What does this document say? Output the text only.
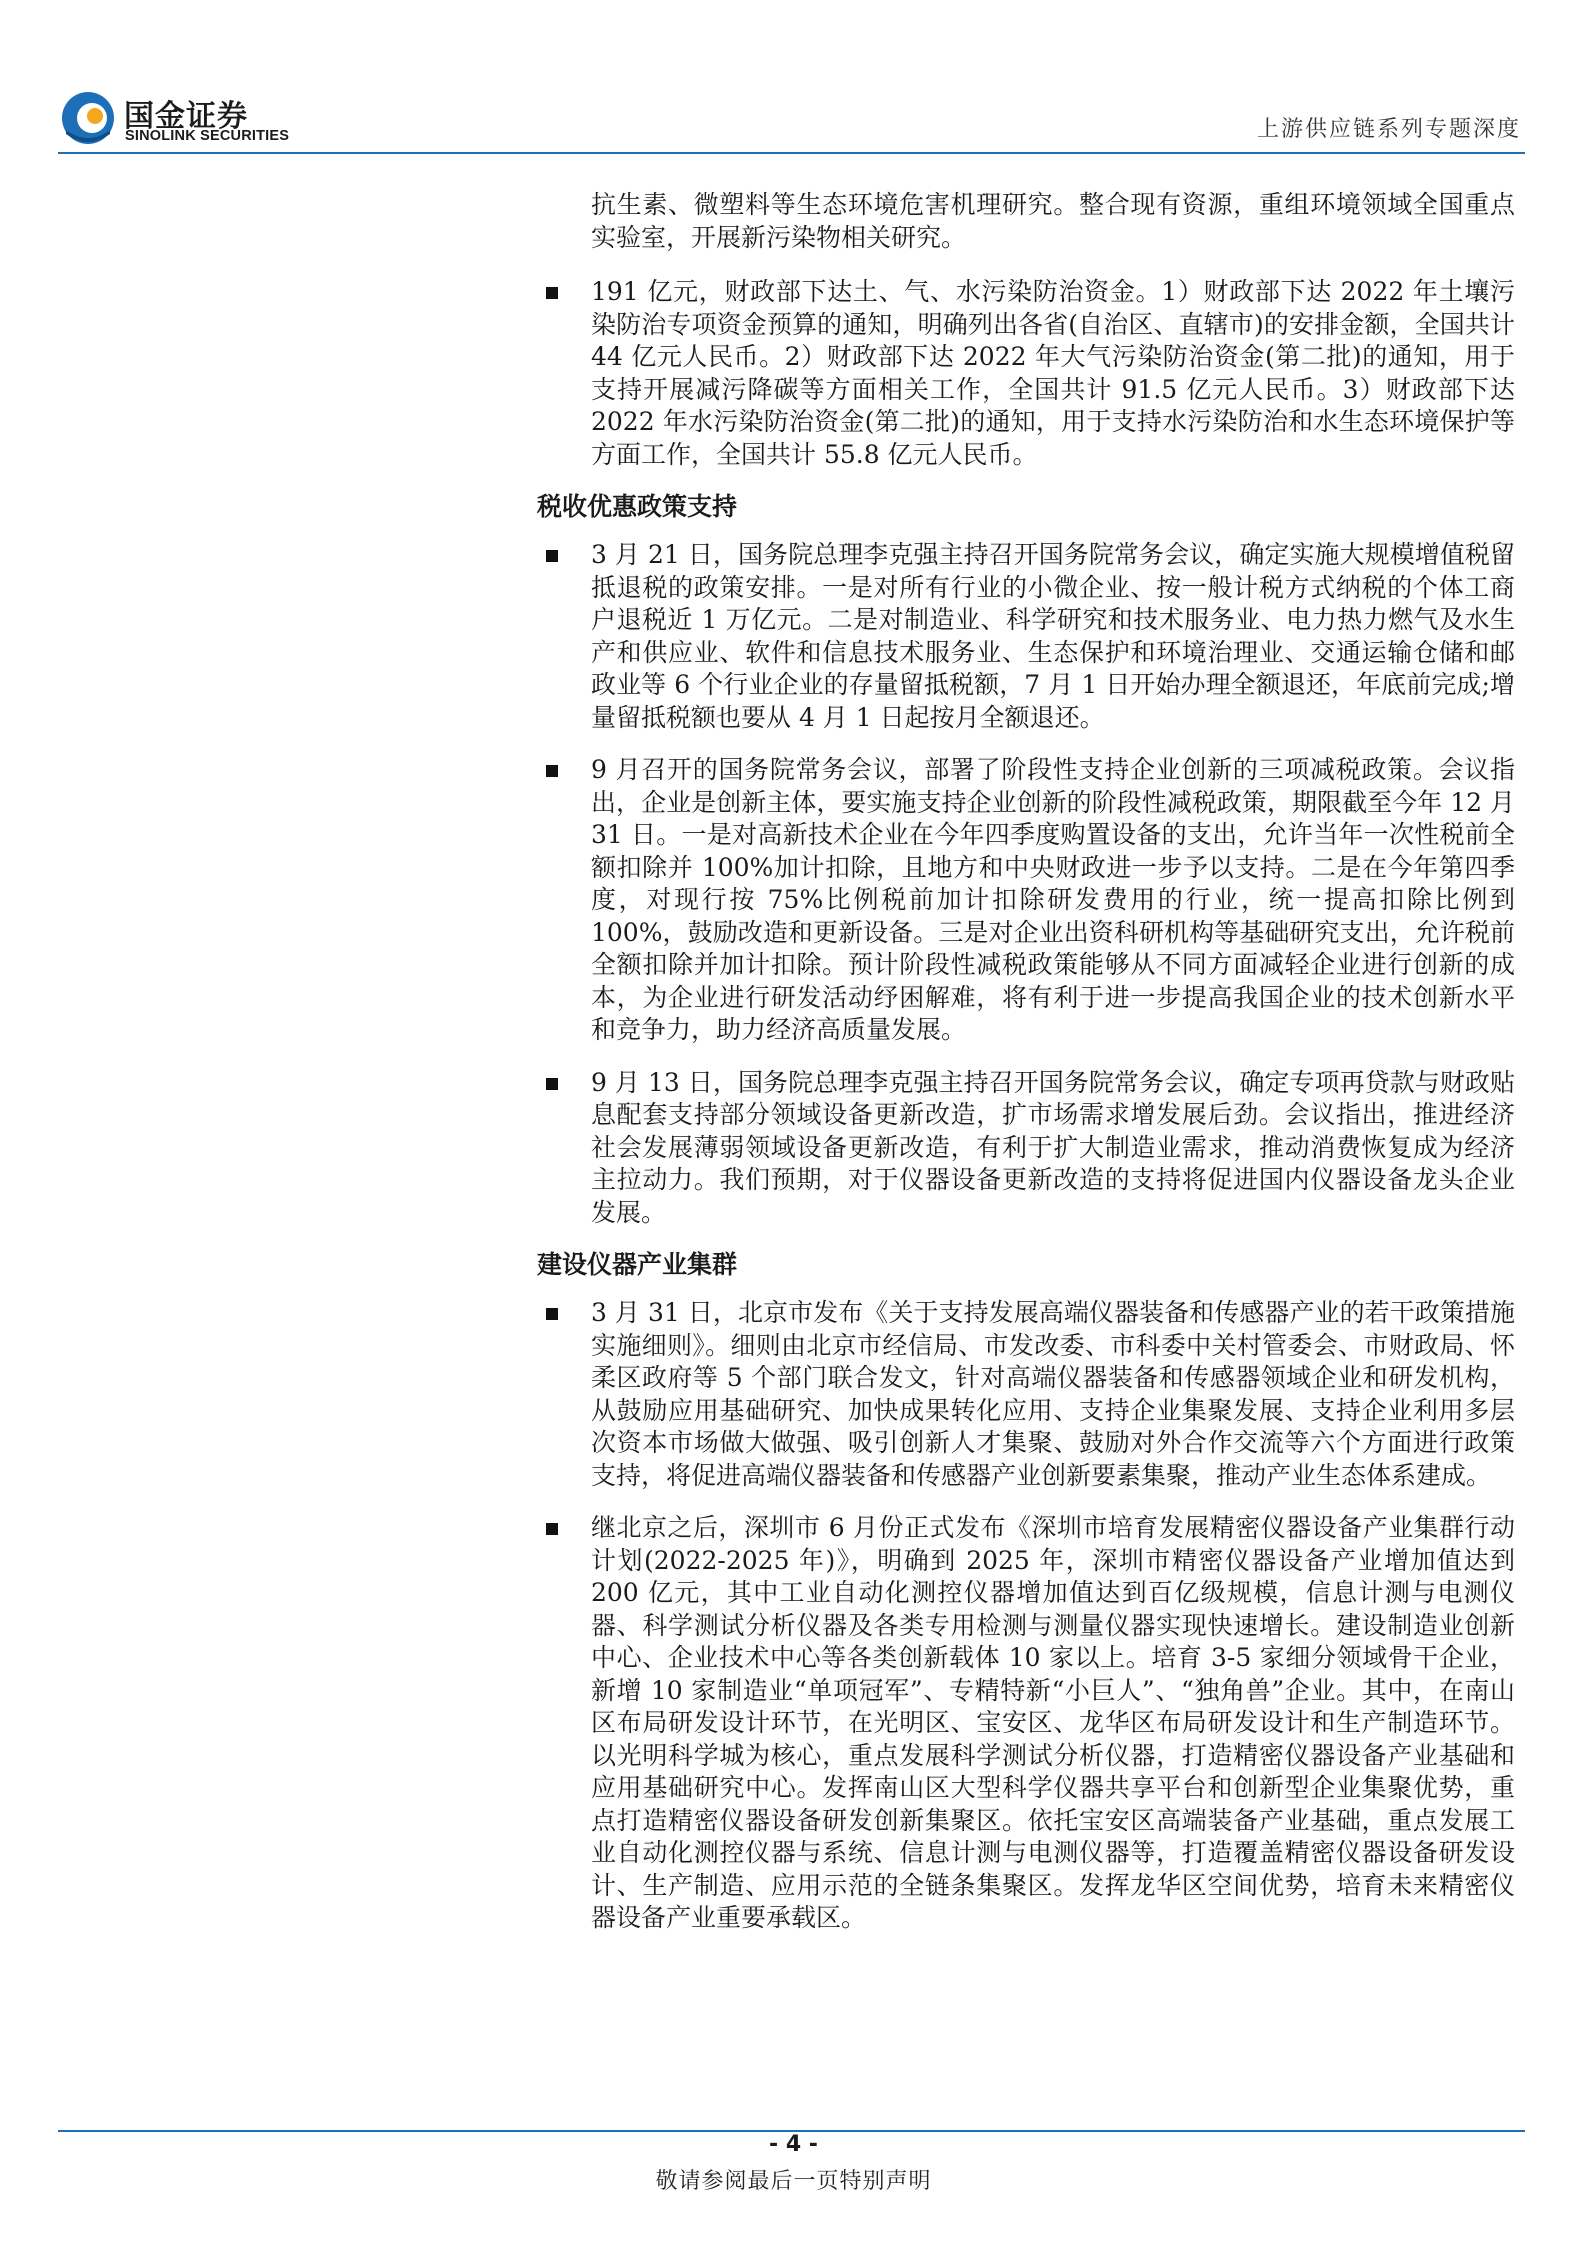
国金证券
SINOLINK SECURITIES	上游供应链系列专题深度

抗生素、微塑料等生态环境危害机理研究。整合现有资源，重组环境领域全国重点实验室，开展新污染物相关研究。

191 亿元，财政部下达土、气、水污染防治资金。1）财政部下达 2022 年土壤污染防治专项资金预算的通知，明确列出各省(自治区、直辖市)的安排金额，全国共计 44 亿元人民币。2）财政部下达 2022 年大气污染防治资金(第二批)的通知，用于支持开展减污降碳等方面相关工作，全国共计 91.5 亿元人民币。3）财政部下达 2022 年水污染防治资金(第二批)的通知，用于支持水污染防治和水生态环境保护等方面工作，全国共计 55.8 亿元人民币。
税收优惠政策支持
3 月 21 日，国务院总理李克强主持召开国务院常务会议，确定实施大规模增值税留抵退税的政策安排。一是对所有行业的小微企业、按一般计税方式纳税的个体工商户退税近 1 万亿元。二是对制造业、科学研究和技术服务业、电力热力燃气及水生产和供应业、软件和信息技术服务业、生态保护和环境治理业、交通运输仓储和邮政业等 6 个行业企业的存量留抵税额，7 月 1 日开始办理全额退还，年底前完成;增量留抵税额也要从 4 月 1 日起按月全额退还。
9 月召开的国务院常务会议，部署了阶段性支持企业创新的三项减税政策。会议指出，企业是创新主体，要实施支持企业创新的阶段性减税政策，期限截至今年 12 月 31 日。一是对高新技术企业在今年四季度购置设备的支出，允许当年一次性税前全额扣除并 100%加计扣除，且地方和中央财政进一步予以支持。二是在今年第四季度，对现行按 75%比例税前加计扣除研发费用的行业，统一提高扣除比例到 100%，鼓励改造和更新设备。三是对企业出资科研机构等基础研究支出，允许税前全额扣除并加计扣除。预计阶段性减税政策能够从不同方面减轻企业进行创新的成本，为企业进行研发活动纾困解难，将有利于进一步提高我国企业的技术创新水平和竞争力，助力经济高质量发展。
9 月 13 日，国务院总理李克强主持召开国务院常务会议，确定专项再贷款与财政贴息配套支持部分领域设备更新改造，扩市场需求增发展后劲。会议指出，推进经济社会发展薄弱领域设备更新改造，有利于扩大制造业需求，推动消费恢复成为经济主拉动力。我们预期，对于仪器设备更新改造的支持将促进国内仪器设备龙头企业发展。
建设仪器产业集群
3 月 31 日，北京市发布《关于支持发展高端仪器装备和传感器产业的若干政策措施实施细则》。细则由北京市经信局、市发改委、市科委中关村管委会、市财政局、怀柔区政府等 5 个部门联合发文，针对高端仪器装备和传感器领域企业和研发机构，从鼓励应用基础研究、加快成果转化应用、支持企业集聚发展、支持企业利用多层次资本市场做大做强、吸引创新人才集聚、鼓励对外合作交流等六个方面进行政策支持，将促进高端仪器装备和传感器产业创新要素集聚，推动产业生态体系建成。
继北京之后，深圳市 6 月份正式发布《深圳市培育发展精密仪器设备产业集群行动计划(2022-2025 年)》，明确到 2025 年，深圳市精密仪器设备产业增加值达到 200 亿元，其中工业自动化测控仪器增加值达到百亿级规模，信息计测与电测仪器、科学测试分析仪器及各类专用检测与测量仪器实现快速增长。建设制造业创新中心、企业技术中心等各类创新载体 10 家以上。培育 3-5 家细分领域骨干企业，新增 10 家制造业“单项冠军”、专精特新“小巨人”、“独角兽”企业。其中，在南山区布局研发设计环节，在光明区、宝安区、龙华区布局研发设计和生产制造环节。以光明科学城为核心，重点发展科学测试分析仪器，打造精密仪器设备产业基础和应用基础研究中心。发挥南山区大型科学仪器共享平台和创新型企业集聚优势，重点打造精密仪器设备研发创新集聚区。依托宝安区高端装备产业基础，重点发展工业自动化测控仪器与系统、信息计测与电测仪器等，打造覆盖精密仪器设备研发设计、生产制造、应用示范的全链条集聚区。发挥龙华区空间优势，培育未来精密仪器设备产业重要承载区。
- 4 -
敬请参阅最后一页特别声明
